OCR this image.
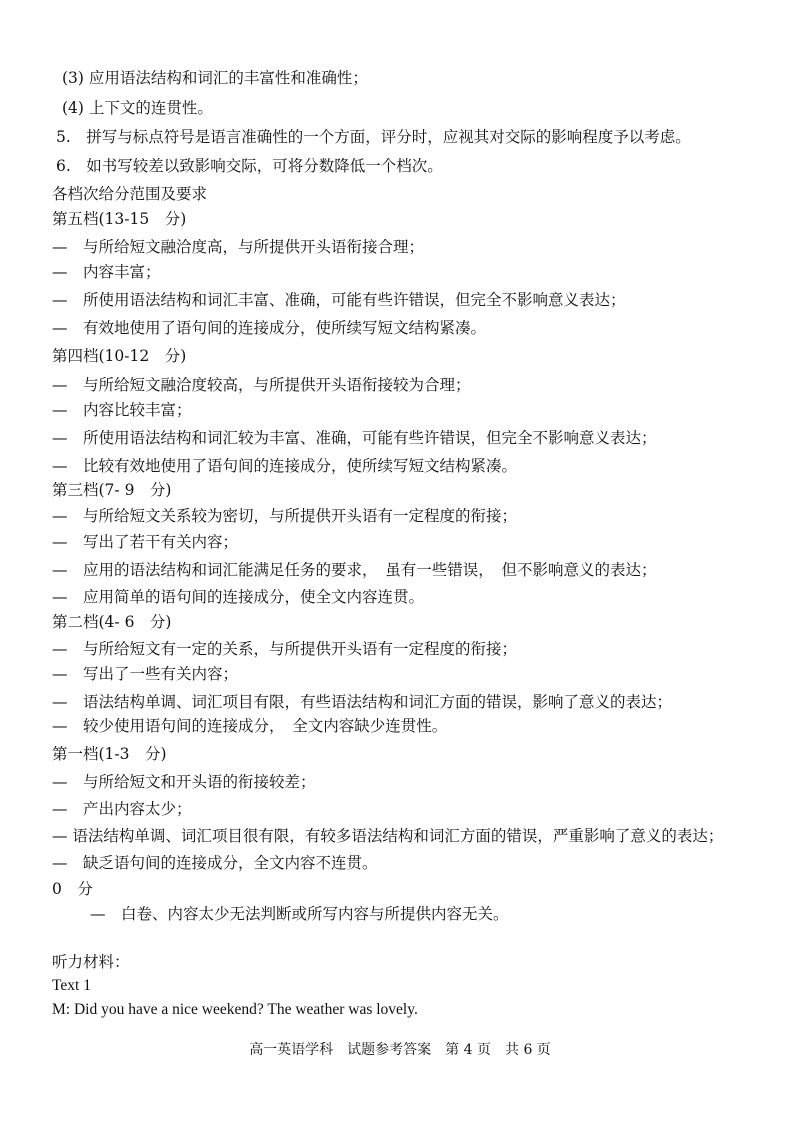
(3) 应用语法结构和词汇的丰富性和准确性；
(4) 上下文的连贯性。
5.　拼写与标点符号是语言准确性的一个方面，评分时，应视其对交际的影响程度予以考虑。
6.　如书写较差以致影响交际，可将分数降低一个档次。
各档次给分范围及要求
第五档(13-15　分)
—　与所给短文融洽度高，与所提供开头语衔接合理；
—　内容丰富；
—　所使用语法结构和词汇丰富、准确，可能有些许错误，但完全不影响意义表达；
—　有效地使用了语句间的连接成分，使所续写短文结构紧凑。
第四档(10-12　分)
—　与所给短文融洽度较高，与所提供开头语衔接较为合理；
—　内容比较丰富；
—　所使用语法结构和词汇较为丰富、准确，可能有些许错误，但完全不影响意义表达；
—　比较有效地使用了语句间的连接成分，使所续写短文结构紧凑。
第三档(7- 9　分)
—　与所给短文关系较为密切，与所提供开头语有一定程度的衔接；
—　写出了若干有关内容；
—　应用的语法结构和词汇能满足任务的要求，　虽有一些错误，　但不影响意义的表达；
—　应用简单的语句间的连接成分，使全文内容连贯。
第二档(4- 6　分)
—　与所给短文有一定的关系，与所提供开头语有一定程度的衔接；
—　写出了一些有关内容；
—　语法结构单调、词汇项目有限，有些语法结构和词汇方面的错误，影响了意义的表达；
—　较少使用语句间的连接成分，　全文内容缺少连贯性。
第一档(1-3　分)
—　与所给短文和开头语的衔接较差；
—　产出内容太少；
— 语法结构单调、词汇项目很有限，有较多语法结构和词汇方面的错误，严重影响了意义的表达；
—　缺乏语句间的连接成分，全文内容不连贯。
0　分
—　白卷、内容太少无法判断或所写内容与所提供内容无关。
听力材料：
Text 1
M: Did you have a nice weekend? The weather was lovely.
高一英语学科　试题参考答案　第 4 页　共 6 页
